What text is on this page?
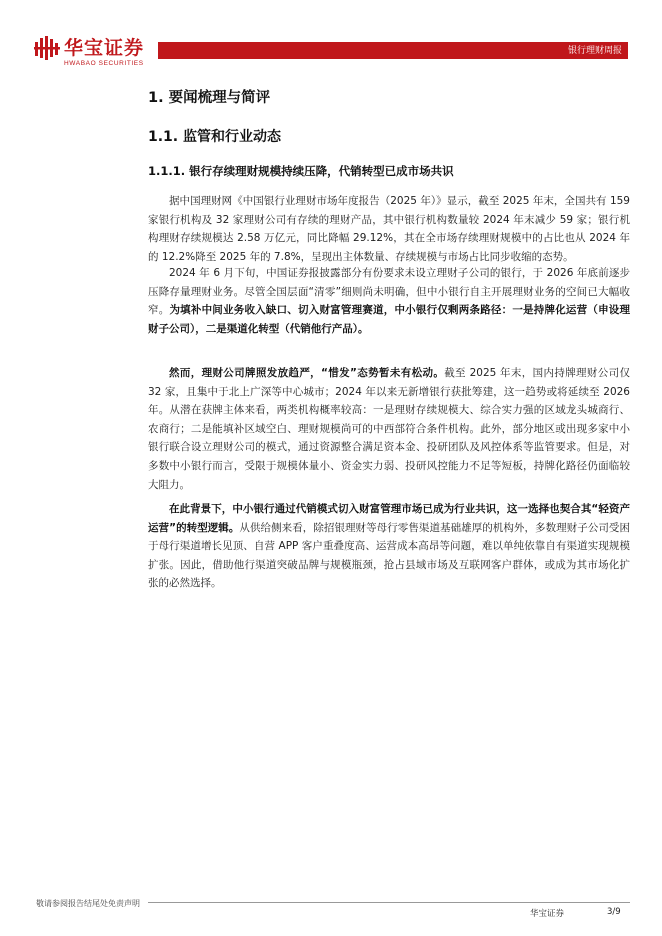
华宝证券
HWABAO SECURITIES
银行理财周报
1. 要闻梳理与简评
1.1. 监管和行业动态
1.1.1. 银行存续理财规模持续压降，代销转型已成市场共识

据中国理财网《中国银行业理财市场年度报告（2025 年）》显示，截至 2025 年末，全国共有 159 家银行机构及 32 家理财公司有存续的理财产品，其中银行机构数量较 2024 年末减少 59 家；银行机构理财存续规模达 2.58 万亿元，同比降幅 29.12%，其在全市场存续理财规模中的占比也从 2024 年的 12.2%降至 2025 年的 7.8%，呈现出主体数量、存续规模与市场占比同步收缩的态势。

2024 年 6 月下旬，中国证券报披露部分有份要求未设立理财子公司的银行，于 2026 年底前逐步压降存量理财业务。尽管全国层面“清零”细则尚未明确，但中小银行自主开展理财业务的空间已大幅收窄。为填补中间业务收入缺口、切入财富管理赛道，中小银行仅剩两条路径：一是持牌化运营（申设理财子公司），二是渠道化转型（代销他行产品）。

然而，理财公司牌照发放趋严，“惜发”态势暂未有松动。截至 2025 年末，国内持牌理财公司仅 32 家，且集中于北上广深等中心城市；2024 年以来无新增银行获批筹建，这一趋势或将延续至 2026 年。从潜在获牌主体来看，两类机构概率较高：一是理财存续规模大、综合实力强的区域龙头城商行、农商行；二是能填补区域空白、理财规模尚可的中西部符合条件机构。此外，部分地区或出现多家中小银行联合设立理财公司的模式，通过资源整合满足资本金、投研团队及风控体系等监管要求。但是，对多数中小银行而言，受限于规模体量小、资金实力弱、投研风控能力不足等短板，持牌化路径仍面临较大阻力。

在此背景下，中小银行通过代销模式切入财富管理市场已成为行业共识，这一选择也契合其“轻资产运营”的转型逻辑。从供给侧来看，除招银理财等母行零售渠道基础雄厚的机构外，多数理财子公司受困于母行渠道增长见顶、自营 APP 客户重叠度高、运营成本高昂等问题，难以单纯依靠自有渠道实现规模扩张。因此，借助他行渠道突破品牌与规模瓶颈，抢占县域市场及互联网客户群体，或成为其市场化扩张的必然选择。

敬请参阅报告结尾处免责声明
华宝证券	3/9
